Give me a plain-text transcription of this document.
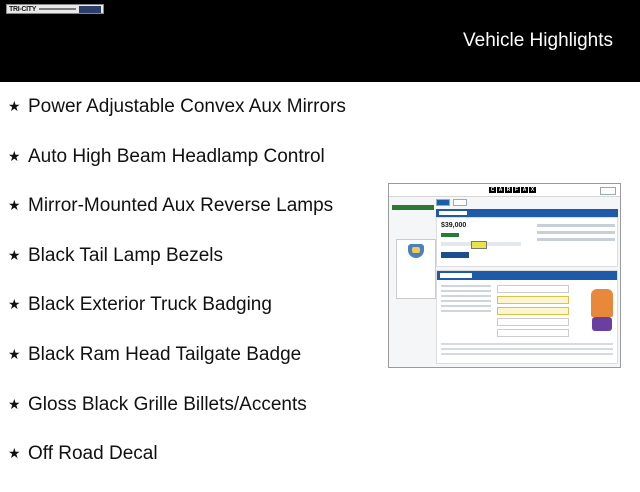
TRI-CITY
Vehicle Highlights
★ Power Adjustable Convex Aux Mirrors
★ Auto High Beam Headlamp Control
★ Mirror-Mounted Aux Reverse Lamps
★ Black Tail Lamp Bezels
★ Black Exterior Truck Badging
★ Black Ram Head Tailgate Badge
★ Gloss Black Grille Billets/Accents
★ Off Road Decal
C A R F A X

$39,000
